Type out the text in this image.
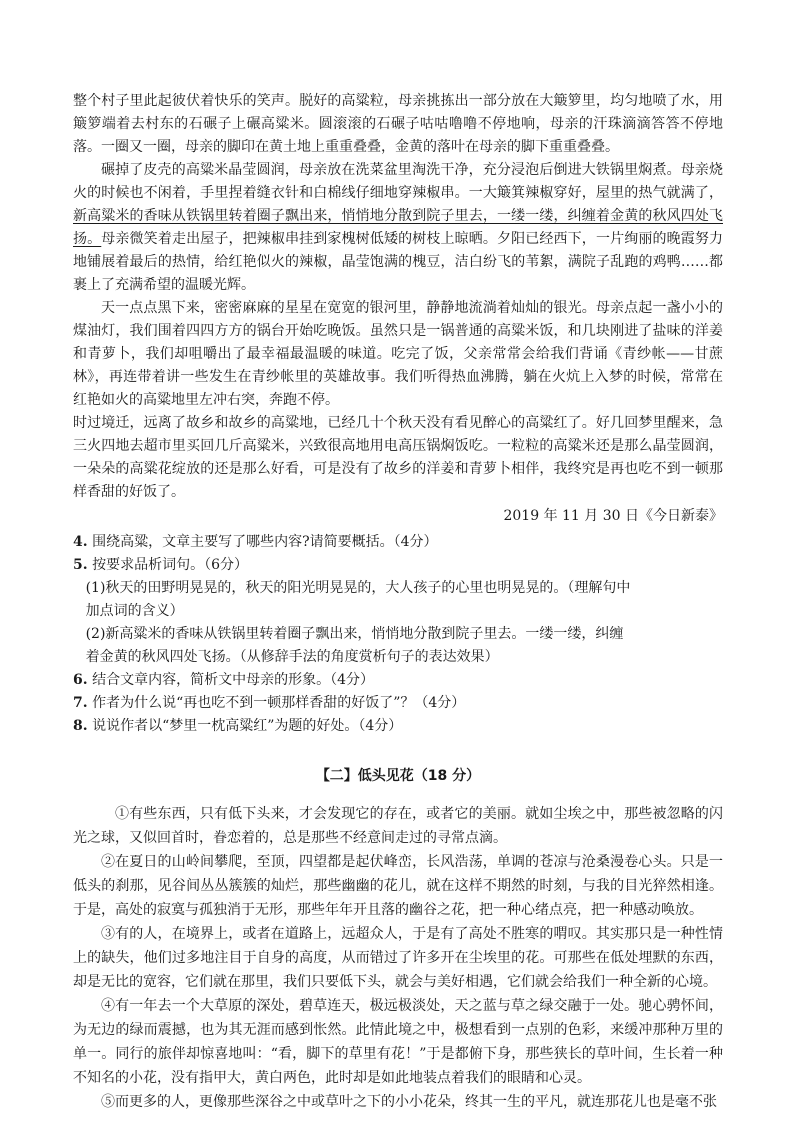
整个村子里此起彼伏着快乐的笑声。脱好的高粱粒，母亲挑拣出一部分放在大簸箩里，均匀地喷了水，用簸箩端着去村东的石碾子上碾高粱米。圆滚滚的石碾子咕咕噜噜不停地响，母亲的汗珠滴滴答答不停地落。一圈又一圈，母亲的脚印在黄土地上重重叠叠，金黄的落叶在母亲的脚下重重叠叠。

碾掉了皮壳的高粱米晶莹圆润，母亲放在洗菜盆里淘洗干净，充分浸泡后倒进大铁锅里焖煮。母亲烧火的时候也不闲着，手里捏着缝衣针和白棉线仔细地穿辣椒串。一大簸箕辣椒穿好，屋里的热气就满了，新高粱米的香味从铁锅里转着圈子飘出来，悄悄地分散到院子里去，一缕一缕，纠缠着金黄的秋风四处飞扬。母亲微笑着走出屋子，把辣椒串挂到家槐树低矮的树枝上晾晒。夕阳已经西下，一片绚丽的晚霞努力地铺展着最后的热情，给红艳似火的辣椒，晶莹饱满的槐豆，洁白纷飞的苇絮，满院子乱跑的鸡鸭……都裹上了充满希望的温暖光辉。

天一点点黑下来，密密麻麻的星星在宽宽的银河里，静静地流淌着灿灿的银光。母亲点起一盏小小的煤油灯，我们围着四四方方的锅台开始吃晚饭。虽然只是一锅普通的高粱米饭，和几块刚进了盐味的洋姜和青萝卜，我们却咀嚼出了最幸福最温暖的味道。吃完了饭，父亲常常会给我们背诵《青纱帐——甘蔗林》，再连带着讲一些发生在青纱帐里的英雄故事。我们听得热血沸腾，躺在火炕上入梦的时候，常常在红艳如火的高粱地里左冲右突，奔跑不停。

时过境迁，远离了故乡和故乡的高粱地，已经几十个秋天没有看见醉心的高粱红了。好几回梦里醒来，急三火四地去超市里买回几斤高粱米，兴致很高地用电高压锅焖饭吃。一粒粒的高粱米还是那么晶莹圆润，一朵朵的高粱花绽放的还是那么好看，可是没有了故乡的洋姜和青萝卜相伴，我终究是再也吃不到一顿那样香甜的好饭了。

2019 年 11 月 30 日《今日新泰》

4. 围绕高粱，文章主要写了哪些内容?请简要概括。（4分）

5. 按要求品析词句。（6分）

(1)秋天的田野明晃晃的，秋天的阳光明晃晃的，大人孩子的心里也明晃晃的。（理解句中

加点词的含义）

(2)新高粱米的香味从铁锅里转着圈子飘出来，悄悄地分散到院子里去。一缕一缕，纠缠

着金黄的秋风四处飞扬。（从修辞手法的角度赏析句子的表达效果）

6. 结合文章内容，简析文中母亲的形象。（4分）

7. 作者为什么说“再也吃不到一顿那样香甜的好饭了”？（4分）

8. 说说作者以“梦里一枕高粱红”为题的好处。（4分）

【二】低头见花（18 分）

①有些东西，只有低下头来，才会发现它的存在，或者它的美丽。就如尘埃之中，那些被忽略的闪光之球，又似回首时，眷恋着的，总是那些不经意间走过的寻常点滴。

②在夏日的山岭间攀爬，至顶，四望都是起伏峰峦，长风浩荡，单调的苍凉与沧桑漫卷心头。只是一低头的刹那，见谷间丛丛簇簇的灿烂，那些幽幽的花儿，就在这样不期然的时刻，与我的目光猝然相逢。于是，高处的寂寞与孤独消于无形，那些年年开且落的幽谷之花，把一种心绪点亮，把一种感动唤放。

③有的人，在境界上，或者在道路上，远超众人，于是有了高处不胜寒的喟叹。其实那只是一种性情上的缺失，他们过多地注目于自身的高度，从而错过了许多开在尘埃里的花。可那些在低处埋默的东西，却是无比的宽容，它们就在那里，我们只要低下头，就会与美好相遇，它们就会给我们一种全新的心境。

④有一年去一个大草原的深处，碧草连天，极远极淡处，天之蓝与草之绿交融于一处。驰心骋怀间，为无边的绿而震撼，也为其无涯而感到怅然。此情此境之中，极想看到一点别的色彩，来缓冲那种万里的单一。同行的旅伴却惊喜地叫：“看，脚下的草里有花！”于是都俯下身，那些狭长的草叶间，生长着一种不知名的小花，没有指甲大，黄白两色，此时却是如此地装点着我们的眼睛和心灵。

⑤而更多的人，更像那些深谷之中或草叶之下的小小花朵，终其一生的平凡，就连那花儿也是毫不张
